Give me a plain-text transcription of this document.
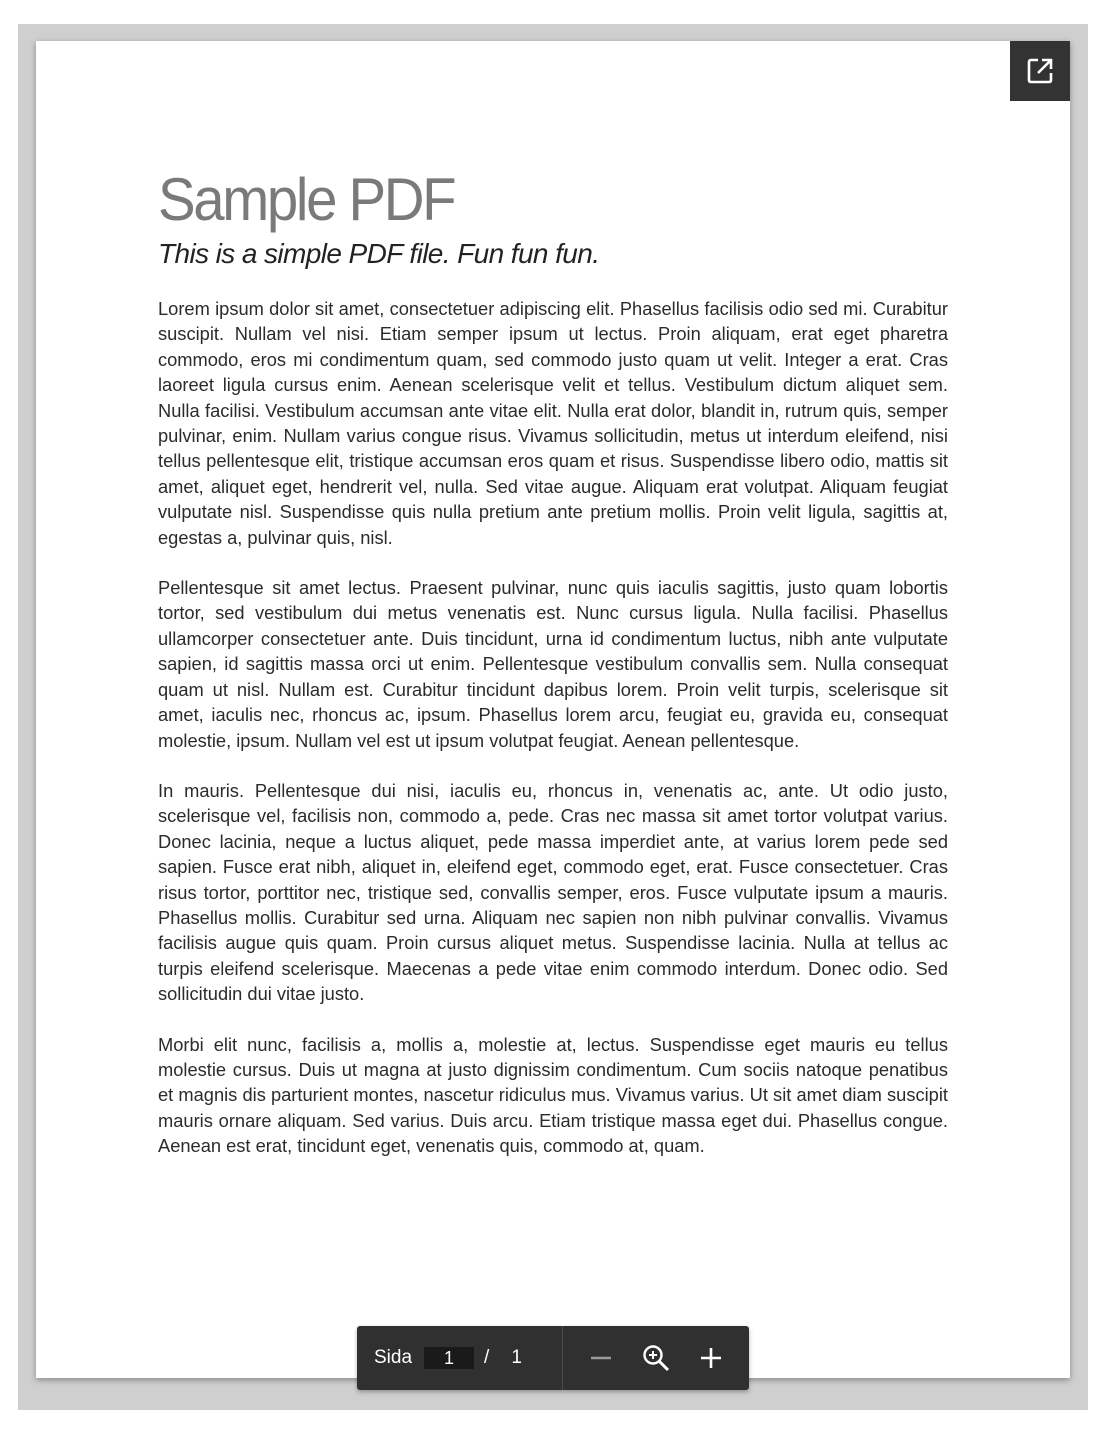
Sample PDF

This is a simple PDF file. Fun fun fun.

Lorem ipsum dolor sit amet, consectetuer adipiscing elit. Phasellus facilisis odio sed mi. Curabitur suscipit. Nullam vel nisi. Etiam semper ipsum ut lectus. Proin aliquam, erat eget pharetra commodo, eros mi condimentum quam, sed commodo justo quam ut velit. Integer a erat. Cras laoreet ligula cursus enim. Aenean scelerisque velit et tellus. Vestibulum dictum aliquet sem. Nulla facilisi. Vestibulum accumsan ante vitae elit. Nulla erat dolor, blandit in, rutrum quis, semper pulvinar, enim. Nullam varius congue risus. Vivamus sollicitudin, metus ut interdum eleifend, nisi tellus pellentesque elit, tristique accumsan eros quam et risus. Suspendisse libero odio, mattis sit amet, aliquet eget, hendrerit vel, nulla. Sed vitae augue. Aliquam erat volutpat. Aliquam feugiat vulputate nisl. Suspendisse quis nulla pretium ante pretium mollis. Proin velit ligula, sagittis at, egestas a, pulvinar quis, nisl.

Pellentesque sit amet lectus. Praesent pulvinar, nunc quis iaculis sagittis, justo quam lobortis tortor, sed vestibulum dui metus venenatis est. Nunc cursus ligula. Nulla facilisi. Phasellus ullamcorper consectetuer ante. Duis tincidunt, urna id condimentum luctus, nibh ante vulputate sapien, id sagittis massa orci ut enim. Pellentesque vestibulum convallis sem. Nulla consequat quam ut nisl. Nullam est. Curabitur tincidunt dapibus lorem. Proin velit turpis, scelerisque sit amet, iaculis nec, rhoncus ac, ipsum. Phasellus lorem arcu, feugiat eu, gravida eu, consequat molestie, ipsum. Nullam vel est ut ipsum volutpat feugiat. Aenean pellentesque.

In mauris. Pellentesque dui nisi, iaculis eu, rhoncus in, venenatis ac, ante. Ut odio justo, scelerisque vel, facilisis non, commodo a, pede. Cras nec massa sit amet tortor volutpat varius. Donec lacinia, neque a luctus aliquet, pede massa imperdiet ante, at varius lorem pede sed sapien. Fusce erat nibh, aliquet in, eleifend eget, commodo eget, erat. Fusce consectetuer. Cras risus tortor, porttitor nec, tristique sed, convallis semper, eros. Fusce vulputate ipsum a mauris. Phasellus mollis. Curabitur sed urna. Aliquam nec sapien non nibh pulvinar convallis. Vivamus facilisis augue quis quam. Proin cursus aliquet metus. Suspendisse lacinia. Nulla at tellus ac turpis eleifend scelerisque. Maecenas a pede vitae enim commodo interdum. Donec odio. Sed sollicitudin dui vitae justo.

Morbi elit nunc, facilisis a, mollis a, molestie at, lectus. Suspendisse eget mauris eu tellus molestie cursus. Duis ut magna at justo dignissim condimentum. Cum sociis natoque penatibus et magnis dis parturient montes, nascetur ridiculus mus. Vivamus varius. Ut sit amet diam suscipit mauris ornare aliquam. Sed varius. Duis arcu. Etiam tristique massa eget dui. Phasellus congue. Aenean est erat, tincidunt eget, venenatis quis, commodo at, quam.

Sida
1	/ 1
